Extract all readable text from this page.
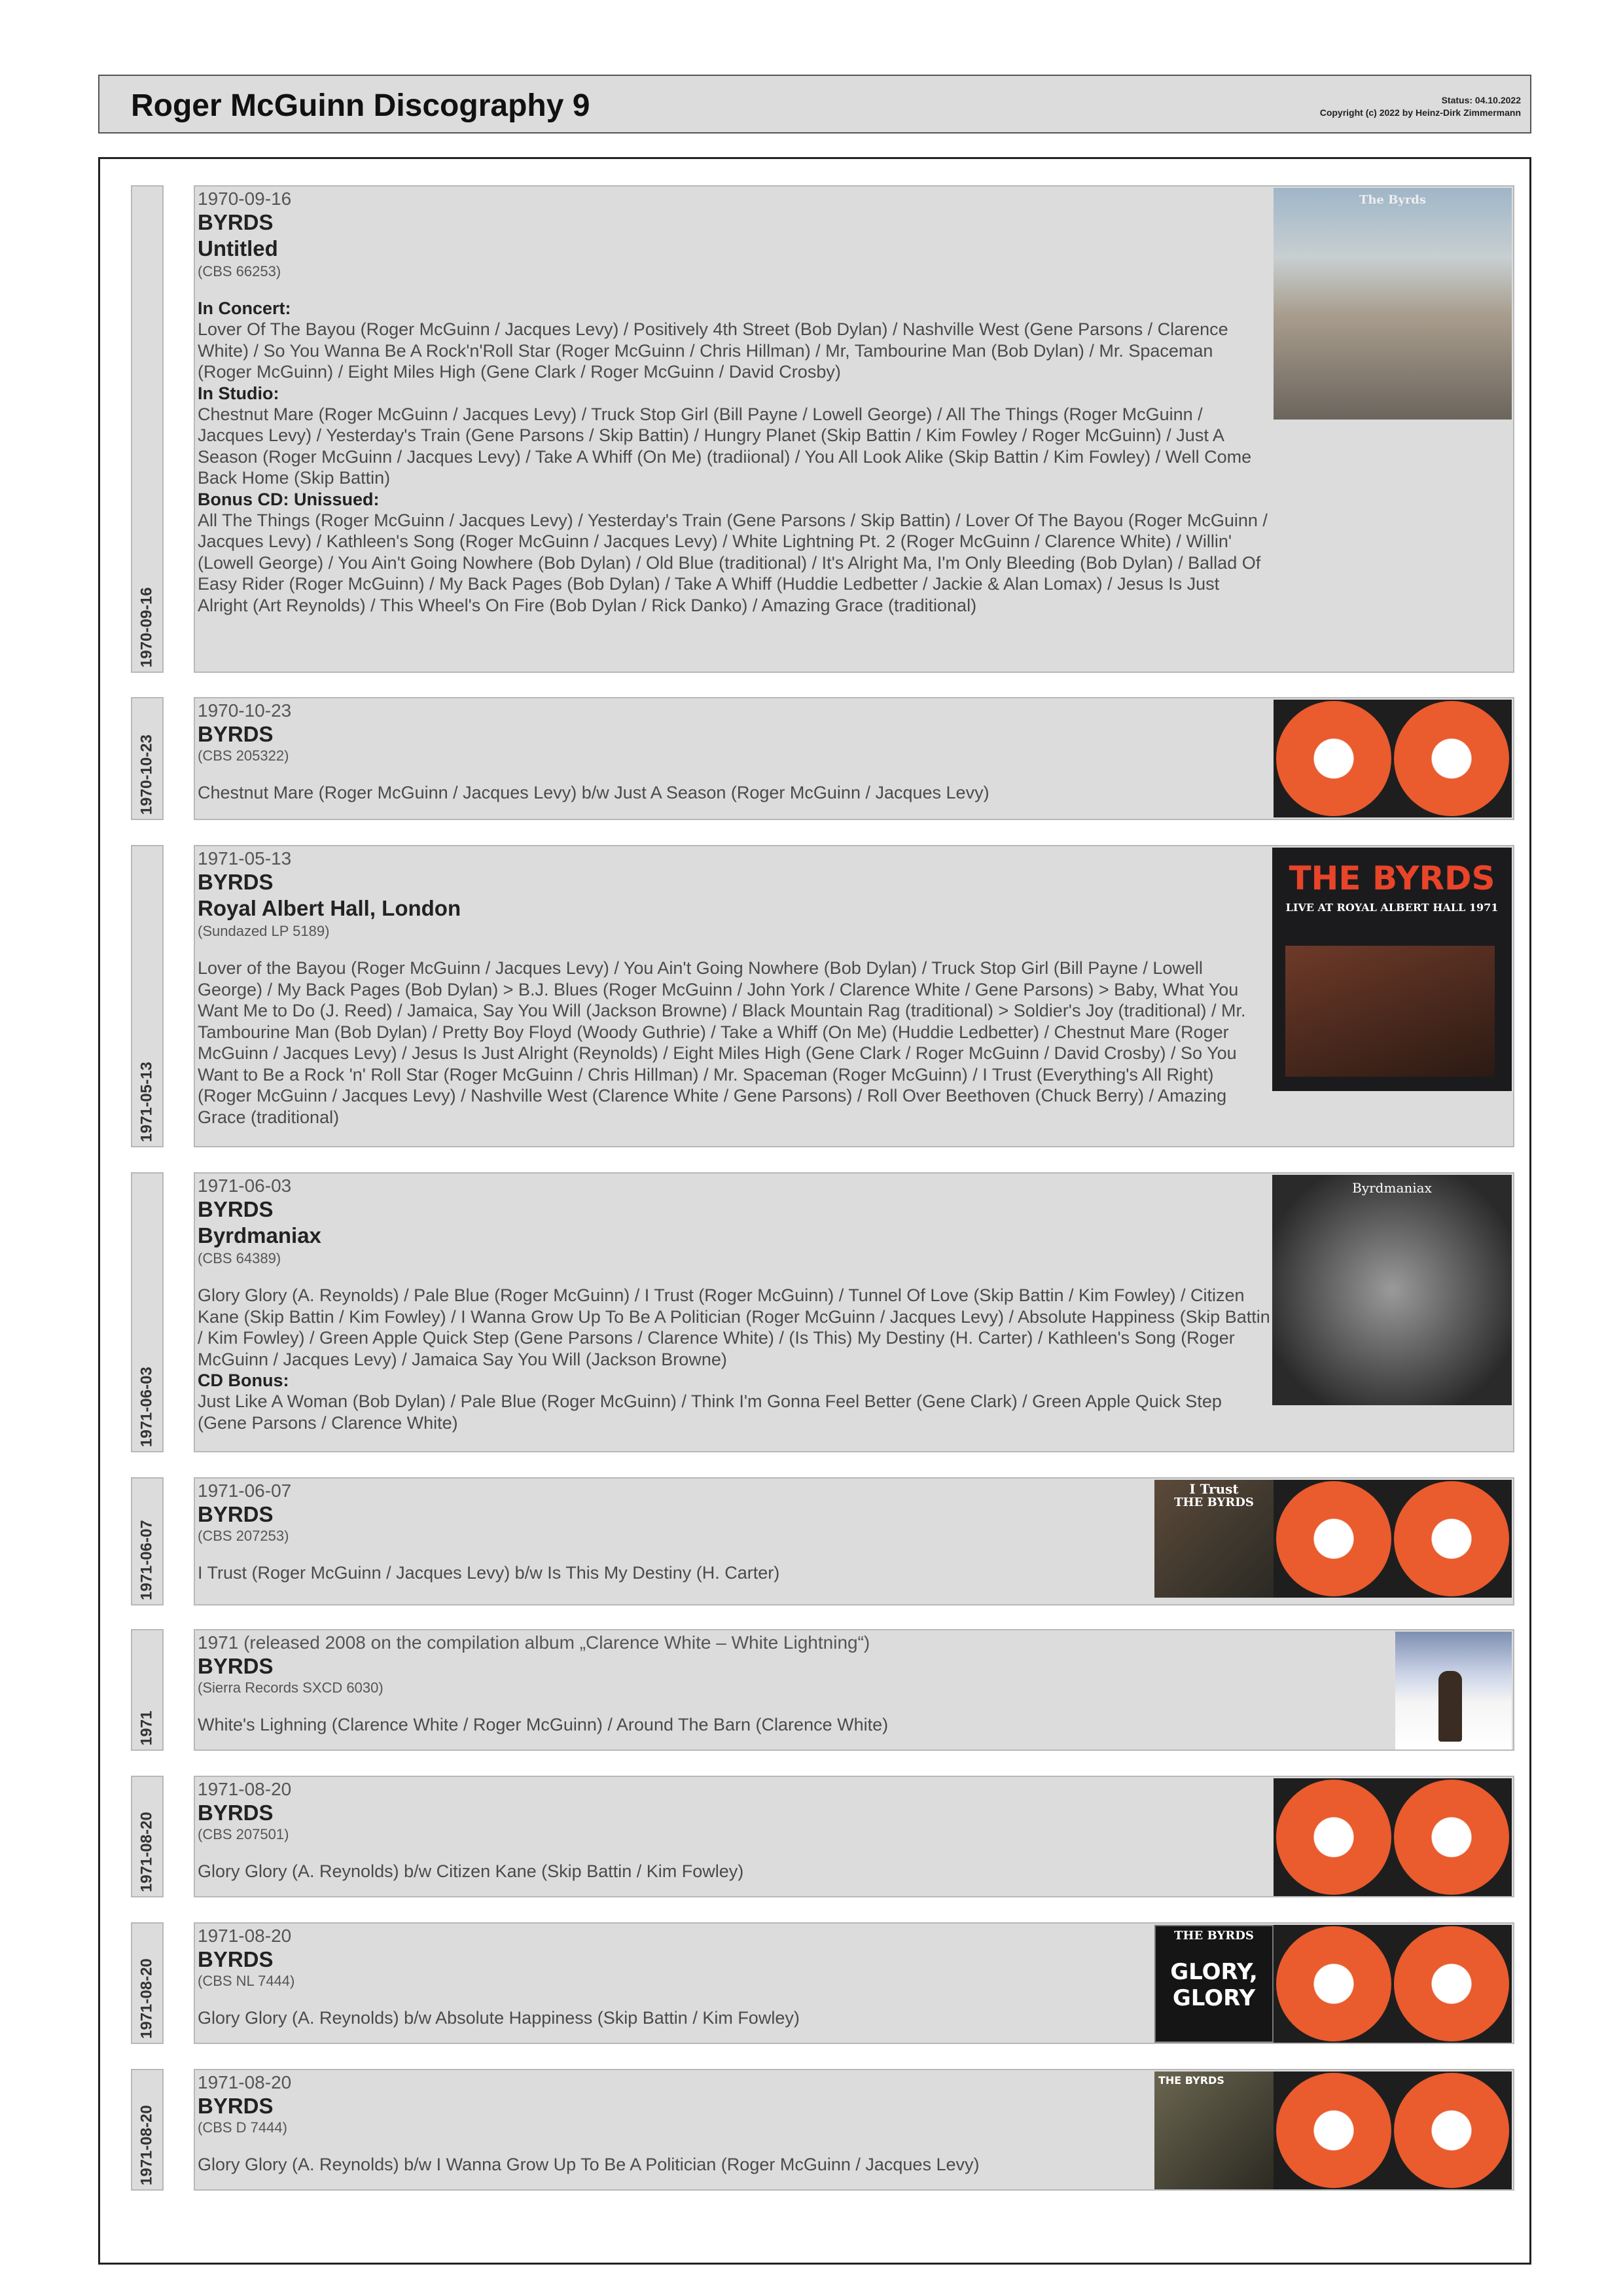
Roger McGuinn Discography 9	Status: 04.10.2022
Copyright (c) 2022 by Heinz-Dirk Zimmermann
1970-09-16
1970-09-16
BYRDS
Untitled
(CBS 66253)
In Concert:
Lover Of The Bayou (Roger McGuinn / Jacques Levy) / Positively 4th Street (Bob Dylan) / Nashville West (Gene Parsons / Clarence White) / So You Wanna Be A Rock'n'Roll Star (Roger McGuinn / Chris Hillman) / Mr, Tambourine Man (Bob Dylan) / Mr. Spaceman (Roger McGuinn) / Eight Miles High (Gene Clark / Roger McGuinn / David Crosby)
In Studio:
Chestnut Mare (Roger McGuinn / Jacques Levy) / Truck Stop Girl (Bill Payne / Lowell George) / All The Things (Roger McGuinn / Jacques Levy) / Yesterday's Train (Gene Parsons / Skip Battin) / Hungry Planet (Skip Battin / Kim Fowley / Roger McGuinn) / Just A Season (Roger McGuinn / Jacques Levy) / Take A Whiff (On Me) (tradiional) / You All Look Alike (Skip Battin / Kim Fowley) / Well Come Back Home (Skip Battin)
Bonus CD: Unissued:
All The Things (Roger McGuinn / Jacques Levy) / Yesterday's Train (Gene Parsons / Skip Battin) / Lover Of The Bayou (Roger McGuinn / Jacques Levy) / Kathleen's Song (Roger McGuinn / Jacques Levy) / White Lightning Pt. 2 (Roger McGuinn / Clarence White) / Willin' (Lowell George) / You Ain't Going Nowhere (Bob Dylan) / Old Blue (traditional) / It's Alright Ma, I'm Only Bleeding (Bob Dylan) / Ballad Of Easy Rider (Roger McGuinn) / My Back Pages (Bob Dylan) / Take A Whiff (Huddie Ledbetter / Jackie & Alan Lomax) / Jesus Is Just Alright (Art Reynolds) / This Wheel's On Fire (Bob Dylan / Rick Danko) / Amazing Grace (traditional)
The Byrds
1970-10-23
1970-10-23
BYRDS
(CBS 205322)
Chestnut Mare (Roger McGuinn / Jacques Levy) b/w Just A Season (Roger McGuinn / Jacques Levy)
1971-05-13
1971-05-13
BYRDS
Royal Albert Hall, London
(Sundazed LP 5189)
Lover of the Bayou (Roger McGuinn / Jacques Levy) / You Ain't Going Nowhere (Bob Dylan) / Truck Stop Girl (Bill Payne / Lowell George) / My Back Pages (Bob Dylan) > B.J. Blues (Roger McGuinn / John York / Clarence White / Gene Parsons) > Baby, What You Want Me to Do (J. Reed) / Jamaica, Say You Will (Jackson Browne) / Black Mountain Rag (traditional) > Soldier's Joy (traditional) / Mr. Tambourine Man (Bob Dylan) / Pretty Boy Floyd (Woody Guthrie) / Take a Whiff (On Me) (Huddie Ledbetter) / Chestnut Mare (Roger McGuinn / Jacques Levy) / Jesus Is Just Alright (Reynolds) / Eight Miles High (Gene Clark / Roger McGuinn / David Crosby) / So You Want to Be a Rock 'n' Roll Star (Roger McGuinn / Chris Hillman) / Mr. Spaceman (Roger McGuinn) / I Trust (Everything's All Right) (Roger McGuinn / Jacques Levy) / Nashville West (Clarence White / Gene Parsons) / Roll Over Beethoven (Chuck Berry) / Amazing Grace (traditional)
THE BYRDS
LIVE AT ROYAL ALBERT HALL 1971
1971-06-03
1971-06-03
BYRDS
Byrdmaniax
(CBS 64389)
Glory Glory (A. Reynolds) / Pale Blue (Roger McGuinn) / I Trust (Roger McGuinn) / Tunnel Of Love (Skip Battin / Kim Fowley) / Citizen Kane (Skip Battin / Kim Fowley) / I Wanna Grow Up To Be A Politician (Roger McGuinn / Jacques Levy) / Absolute Happiness (Skip Battin / Kim Fowley) / Green Apple Quick Step (Gene Parsons / Clarence White) / (Is This) My Destiny (H. Carter) / Kathleen's Song (Roger McGuinn / Jacques Levy) / Jamaica Say You Will (Jackson Browne)
CD Bonus:
Just Like A Woman (Bob Dylan) / Pale Blue (Roger McGuinn) / Think I'm Gonna Feel Better (Gene Clark) / Green Apple Quick Step (Gene Parsons / Clarence White)
Byrdmaniax
1971-06-07
1971-06-07
BYRDS
(CBS 207253)
I Trust (Roger McGuinn / Jacques Levy) b/w Is This My Destiny (H. Carter)
I Trust
THE BYRDS
1971
1971 (released 2008 on the compilation album „Clarence White – White Lightning“)
BYRDS
(Sierra Records SXCD 6030)
White's Lighning (Clarence White / Roger McGuinn) / Around The Barn (Clarence White)
1971-08-20
1971-08-20
BYRDS
(CBS 207501)
Glory Glory (A. Reynolds) b/w Citizen Kane (Skip Battin / Kim Fowley)
1971-08-20
1971-08-20
BYRDS
(CBS NL 7444)
Glory Glory (A. Reynolds) b/w Absolute Happiness (Skip Battin / Kim Fowley)
THE BYRDS
GLORY, GLORY
1971-08-20
1971-08-20
BYRDS
(CBS D 7444)
Glory Glory (A. Reynolds) b/w I Wanna Grow Up To Be A Politician (Roger McGuinn / Jacques Levy)
THE BYRDS
